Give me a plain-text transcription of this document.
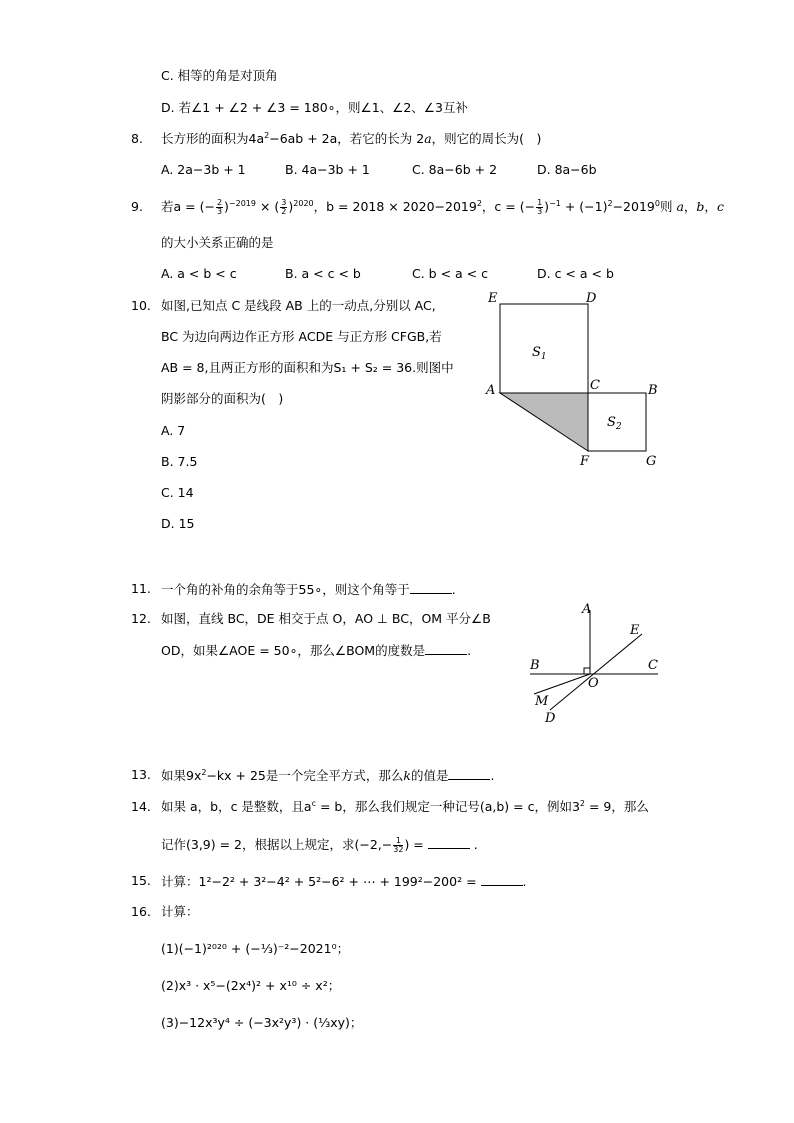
C. 相等的角是对顶角
D. 若∠1 + ∠2 + ∠3 = 180∘，则∠1、∠2、∠3互补
8. 长方形的面积为$4a^2-6ab + 2a$，若它的长为 2a，则它的周长为(　)
A. 2a−3b + 1	B. 4a−3b + 1	C. 8a−6b + 2	D. 8a−6b
9. 若a = (− $\frac{2}{3} )^{-2019}$ × ( $\frac{3}{2} )^{2020}$，$b = 2018 \times 2020-2019^2$，c = (− $\frac{1}{3} )^{-1} + (-1)^2-2019^0$则 a，b，c
的大小关系正确的是
A. a < b < c	B. a < c < b	C. b < a < c	D. c < a < b
10. 如图,已知点 C 是线段 AB 上的一动点,分别以 AC,
BC 为边向两边作正方形 ACDE 与正方形 CFGB,若
AB = 8,且两正方形的面积和为S₁ + S₂ = 36.则图中
阴影部分的面积为(　)
A. 7
B. 7.5
C. 14
D. 15
E	D
A	C	B
F	G
$S_1$
$S_2$
11. 一个角的补角的余角等于55∘，则这个角等于	.
12. 如图，直线 BC，DE 相交于点 O，AO ⊥ BC，OM 平分∠B
OD，如果∠AOE = 50∘，那么∠BOM的度数是	.
A
E
B	C
O
M
D
13. 如果$9x^2-kx + 25$是一个完全平方式，那么k的值是	.
14. 如果 a，b，c 是整数，且$a^c = b$，那么我们规定一种记号(a,b) = c，例如$3^2 = 9$，那么
记作(3,9) = 2，根据以上规定，求($-2,- \frac{1}{32}$ ) =	.
15. 计算：1²−2² + 3²−4² + 5²−6² + ⋯ + 199²−200² =	.
16. 计算：
(1)(−1)²⁰²⁰ + (−⅓)⁻²−2021⁰；
(2)x³ · x⁵−(2x⁴)² + x¹⁰ ÷ x²；
(3)−12x³y⁴ ÷ (−3x²y³) · (⅓xy)；
